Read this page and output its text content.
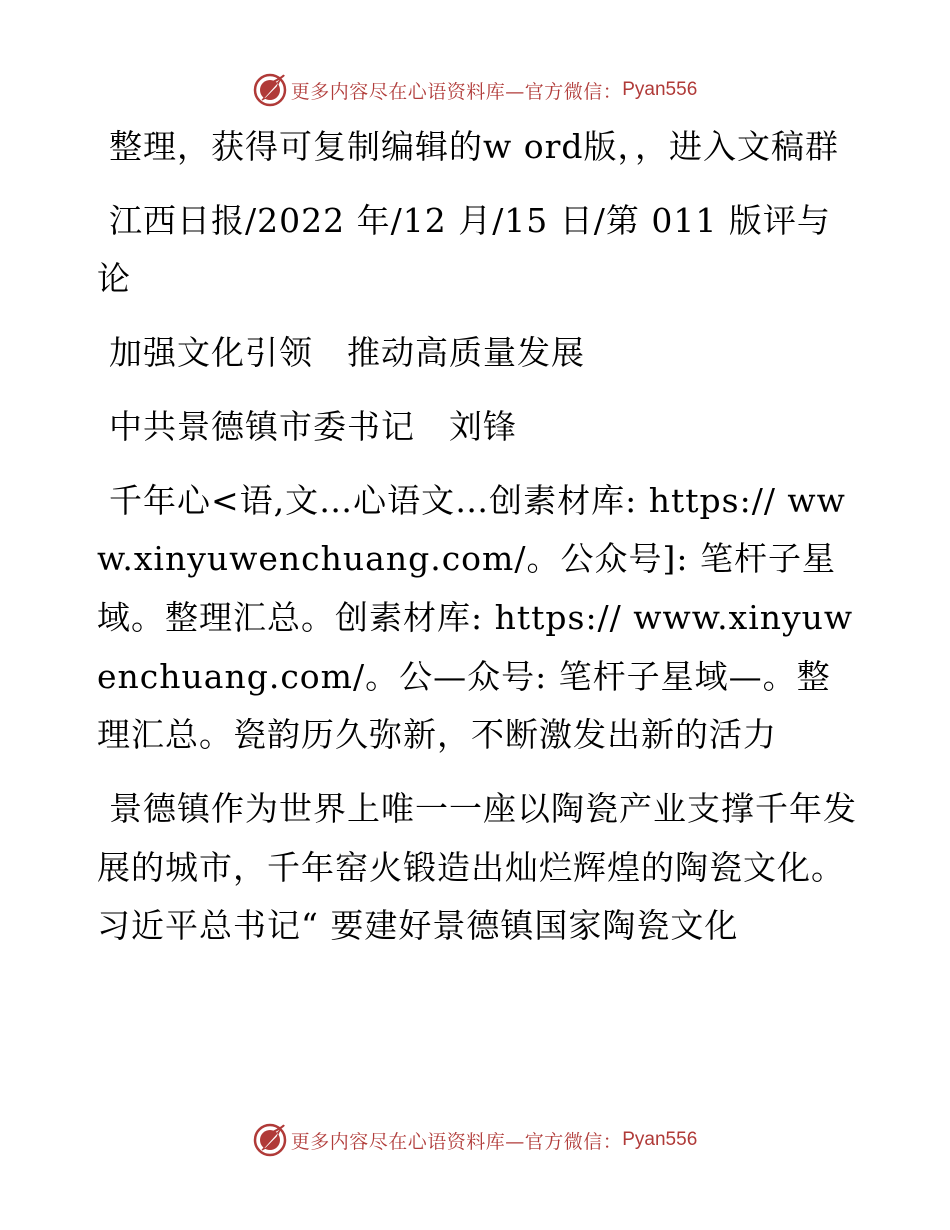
更多内容尽在心语资料库—官方微信： Pyan556

整理，获得可复制编辑的w ord版，，进入文稿群

江西日报/2022 年/12 月/15 日/第 011 版评与论

加强文化引领　推动高质量发展

中共景德镇市委书记　刘锋

千年心<语,文…心语文…创素材库: https:// www.xinyuwenchuang.com/。公众号]: 笔杆子星域。整理汇总。创素材库: https:// www.xinyuwenchuang.com/。公—众号: 笔杆子星域—。整理汇总。瓷韵历久弥新，不断激发出新的活力

景德镇作为世界上唯一一座以陶瓷产业支撑千年发展的城市，千年窑火锻造出灿烂辉煌的陶瓷文化。习近平总书记“ 要建好景德镇国家陶瓷文化

更多内容尽在心语资料库—官方微信： Pyan556
